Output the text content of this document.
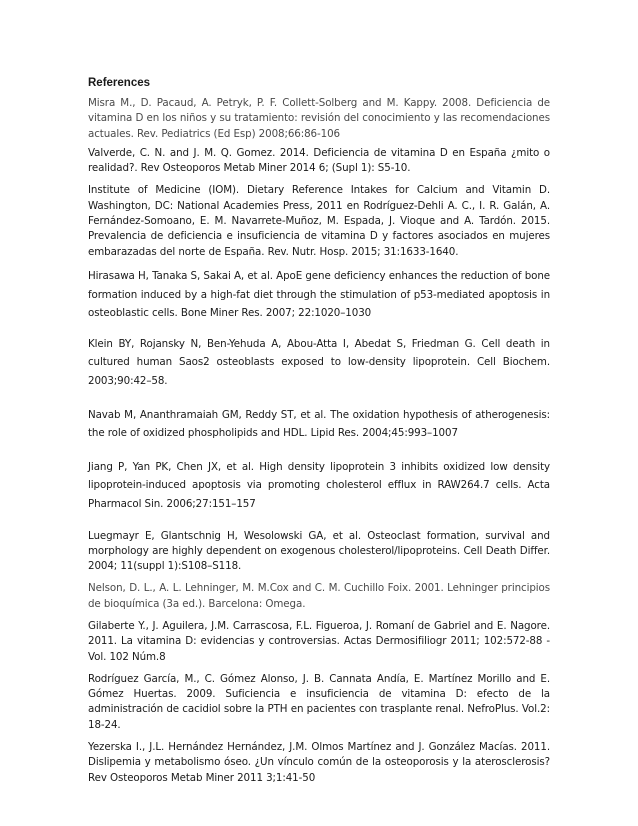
References

Misra M., D. Pacaud, A. Petryk, P. F. Collett-Solberg and M. Kappy. 2008. Deficiencia de vitamina D en los niños y su tratamiento: revisión del conocimiento y las recomendaciones actuales. Rev. Pediatrics (Ed Esp) 2008;66:86-106

Valverde, C. N. and J. M. Q. Gomez. 2014. Deficiencia de vitamina D en España ¿mito o realidad?. Rev Osteoporos Metab Miner 2014 6; (Supl 1): S5-10.

Institute of Medicine (IOM). Dietary Reference Intakes for Calcium and Vitamin D. Washington, DC: National Academies Press, 2011 en Rodríguez-Dehli A. C., I. R. Galán, A. Fernández-Somoano, E. M. Navarrete-Muñoz, M. Espada, J. Vioque and A. Tardón. 2015. Prevalencia de deficiencia e insuficiencia de vitamina D y factores asociados en mujeres embarazadas del norte de España. Rev. Nutr. Hosp. 2015; 31:1633-1640.

Hirasawa H, Tanaka S, Sakai A, et al. ApoE gene deficiency enhances the reduction of bone formation induced by a high-fat diet through the stimulation of p53-mediated apoptosis in osteoblastic cells. Bone Miner Res. 2007; 22:1020–1030

Klein BY, Rojansky N, Ben-Yehuda A, Abou-Atta I, Abedat S, Friedman G. Cell death in cultured human Saos2 osteoblasts exposed to low-density lipoprotein. Cell Biochem. 2003;90:42–58.

Navab M, Ananthramaiah GM, Reddy ST, et al. The oxidation hypothesis of atherogenesis: the role of oxidized phospholipids and HDL. Lipid Res. 2004;45:993–1007

Jiang P, Yan PK, Chen JX, et al. High density lipoprotein 3 inhibits oxidized low density lipoprotein-induced apoptosis via promoting cholesterol efflux in RAW264.7 cells. Acta Pharmacol Sin. 2006;27:151–157

Luegmayr E, Glantschnig H, Wesolowski GA, et al. Osteoclast formation, survival and morphology are highly dependent on exogenous cholesterol/lipoproteins. Cell Death Differ. 2004; 11(suppl 1):S108–S118.

Nelson, D. L., A. L. Lehninger, M. M.Cox and C. M. Cuchillo Foix. 2001. Lehninger principios de bioquímica (3a ed.). Barcelona: Omega.

Gilaberte Y., J. Aguilera, J.M. Carrascosa, F.L. Figueroa, J. Romaní de Gabriel and E. Nagore. 2011. La vitamina D: evidencias y controversias. Actas Dermosifiliogr 2011; 102:572-88 - Vol. 102 Núm.8

Rodríguez García, M., C. Gómez Alonso, J. B. Cannata Andía, E. Martínez Morillo and E. Gómez Huertas. 2009. Suficiencia e insuficiencia de vitamina D: efecto de la administración de cacidiol sobre la PTH en pacientes con trasplante renal. NefroPlus. Vol.2: 18-24.

Yezerska I., J.L. Hernández Hernández, J.M. Olmos Martínez and J. González Macías. 2011. Dislipemia y metabolismo óseo. ¿Un vínculo común de la osteoporosis y la aterosclerosis? Rev Osteoporos Metab Miner 2011 3;1:41-50
